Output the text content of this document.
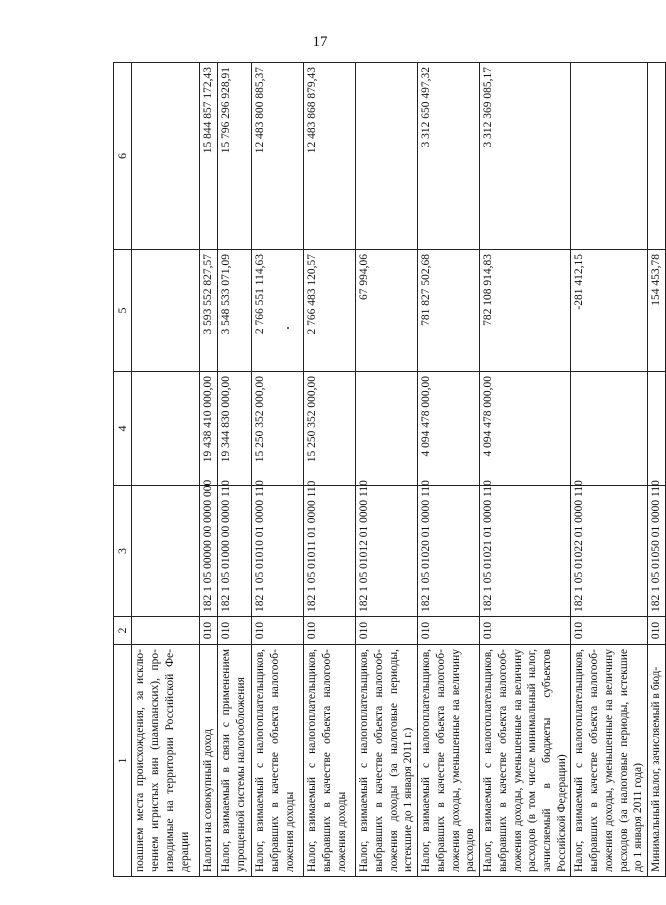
17
1	2	3	4	5	6
поашием места происхождения, за исключением игристых вин (шампанских), производимые на территории Российской Федерации					
Налоги на совокупный доход	010	182 1 05 00000 00 0000 000	19 438 410 000,00	3 593 552 827,57	15 844 857 172,43
Налог, взимаемый в связи с применением упрощенной системы налогообложения	010	182 1 05 01000 00 0000 110	19 344 830 000,00	3 548 533 071,09	15 796 296 928,91
Налог, взимаемый с налогоплательщиков, выбравших в качестве объекта налогообложения доходы	010	182 1 05 01010 01 0000 110	15 250 352 000,00	2 766 551 114,63	12 483 800 885,37
Налог, взимаемый с налогоплательщиков, выбравших в качестве объекта налогообложения доходы	010	182 1 05 01011 01 0000 110	15 250 352 000,00	2 766 483 120,57	12 483 868 879,43
Налог, взимаемый с налогоплательщиков, выбравших в качестве объекта налогообложения доходы (за налоговые периоды, истекшие до 1 января 2011 г.)	010	182 1 05 01012 01 0000 110		67 994,06	
Налог, взимаемый с налогоплательщиков, выбравших в качестве объекта налогообложения доходы, уменьшенные на величину расходов	010	182 1 05 01020 01 0000 110	4 094 478 000,00	781 827 502,68	3 312 650 497,32
Налог, взимаемый с налогоплательщиков, выбравших в качестве объекта налогообложения доходы, уменьшенные на величину расходов (в том числе минимальный налог, зачисляемый в бюджеты субъектов Российской Федерации)	010	182 1 05 01021 01 0000 110	4 094 478 000,00	782 108 914,83	3 312 369 085,17
Налог, взимаемый с налогоплательщиков, выбравших в качестве объекта налогообложения доходы, уменьшенные на величину расходов (за налоговые периоды, истекшие до 1 января 2011 года)	010	182 1 05 01022 01 0000 110		-281 412,15	
Минимальный налог, зачисляемый в бюд-	010	182 1 05 01050 01 0000 110		154 453,78	
